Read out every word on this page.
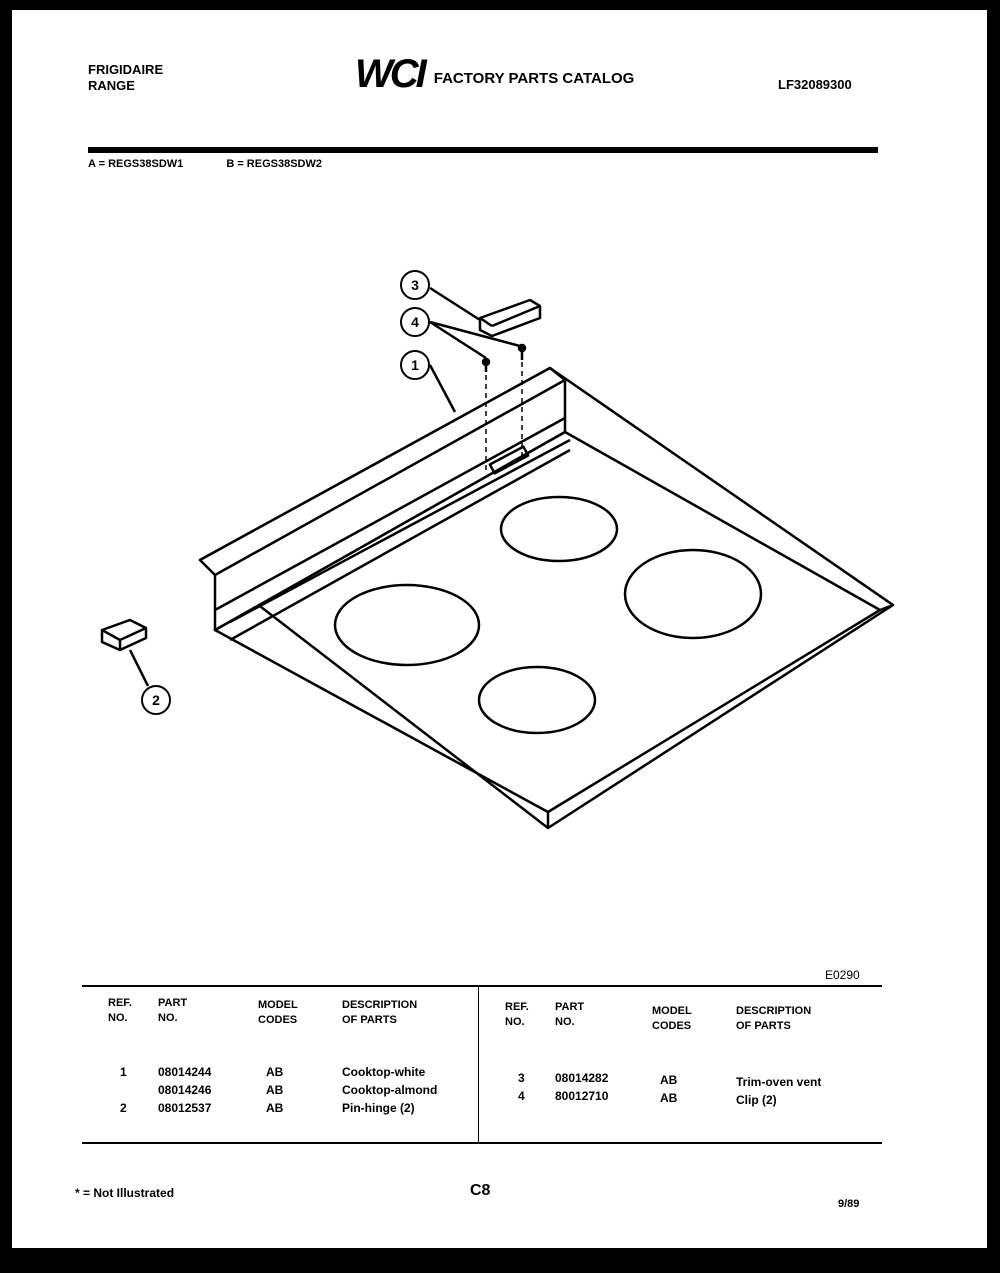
FRIGIDAIRE
RANGE	WCI FACTORY PARTS CATALOG	LF32089300
A = REGS38SDW1	B = REGS38SDW2
3
4
1
2
E0290
REF.
NO.
PART
NO.
MODEL
CODES
DESCRIPTION
OF PARTS
REF.
NO.
PART
NO.
MODEL
CODES
DESCRIPTION
OF PARTS
1	08014244	AB	Cooktop-white
08014246	AB	Cooktop-almond
2	08012537	AB	Pin-hinge (2)
3	08014282	AB	Trim-oven vent
4	80012710	AB	Clip (2)
* = Not Illustrated	C8
9/89
